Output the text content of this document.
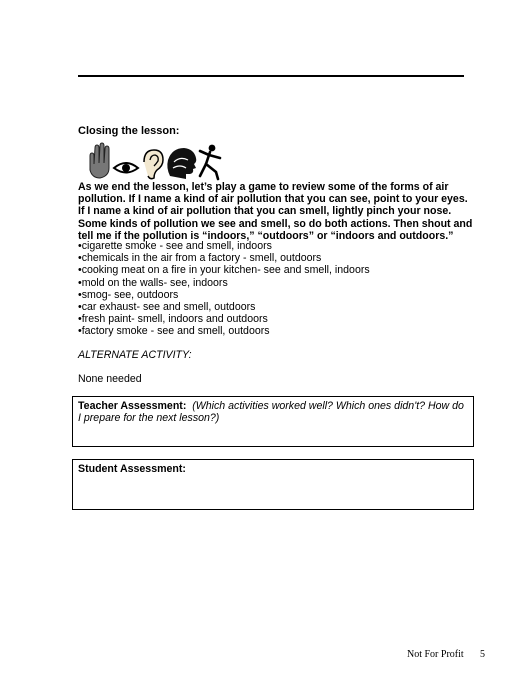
Closing the lesson:
As we end the lesson, let’s play a game to review some of the forms of air pollution. If I name a kind of air pollution that you can see, point to your eyes. If I name a kind of air pollution that you can smell, lightly pinch your nose. Some kinds of pollution we see and smell, so do both actions. Then shout and tell me if the pollution is “indoors,” “outdoors” or “indoors and outdoors.”
• cigarette smoke - see and smell, indoors
• chemicals in the air from a factory - smell, outdoors
• cooking meat on a fire in your kitchen- see and smell, indoors
• mold on the walls- see, indoors
• smog- see, outdoors
• car exhaust- see and smell, outdoors
• fresh paint- smell, indoors and outdoors
• factory smoke - see and smell, outdoors
ALTERNATE ACTIVITY:
None needed
Teacher Assessment: (Which activities worked well? Which ones didn't? How do I prepare for the next lesson?)
Student Assessment:
Not For Profit 5
